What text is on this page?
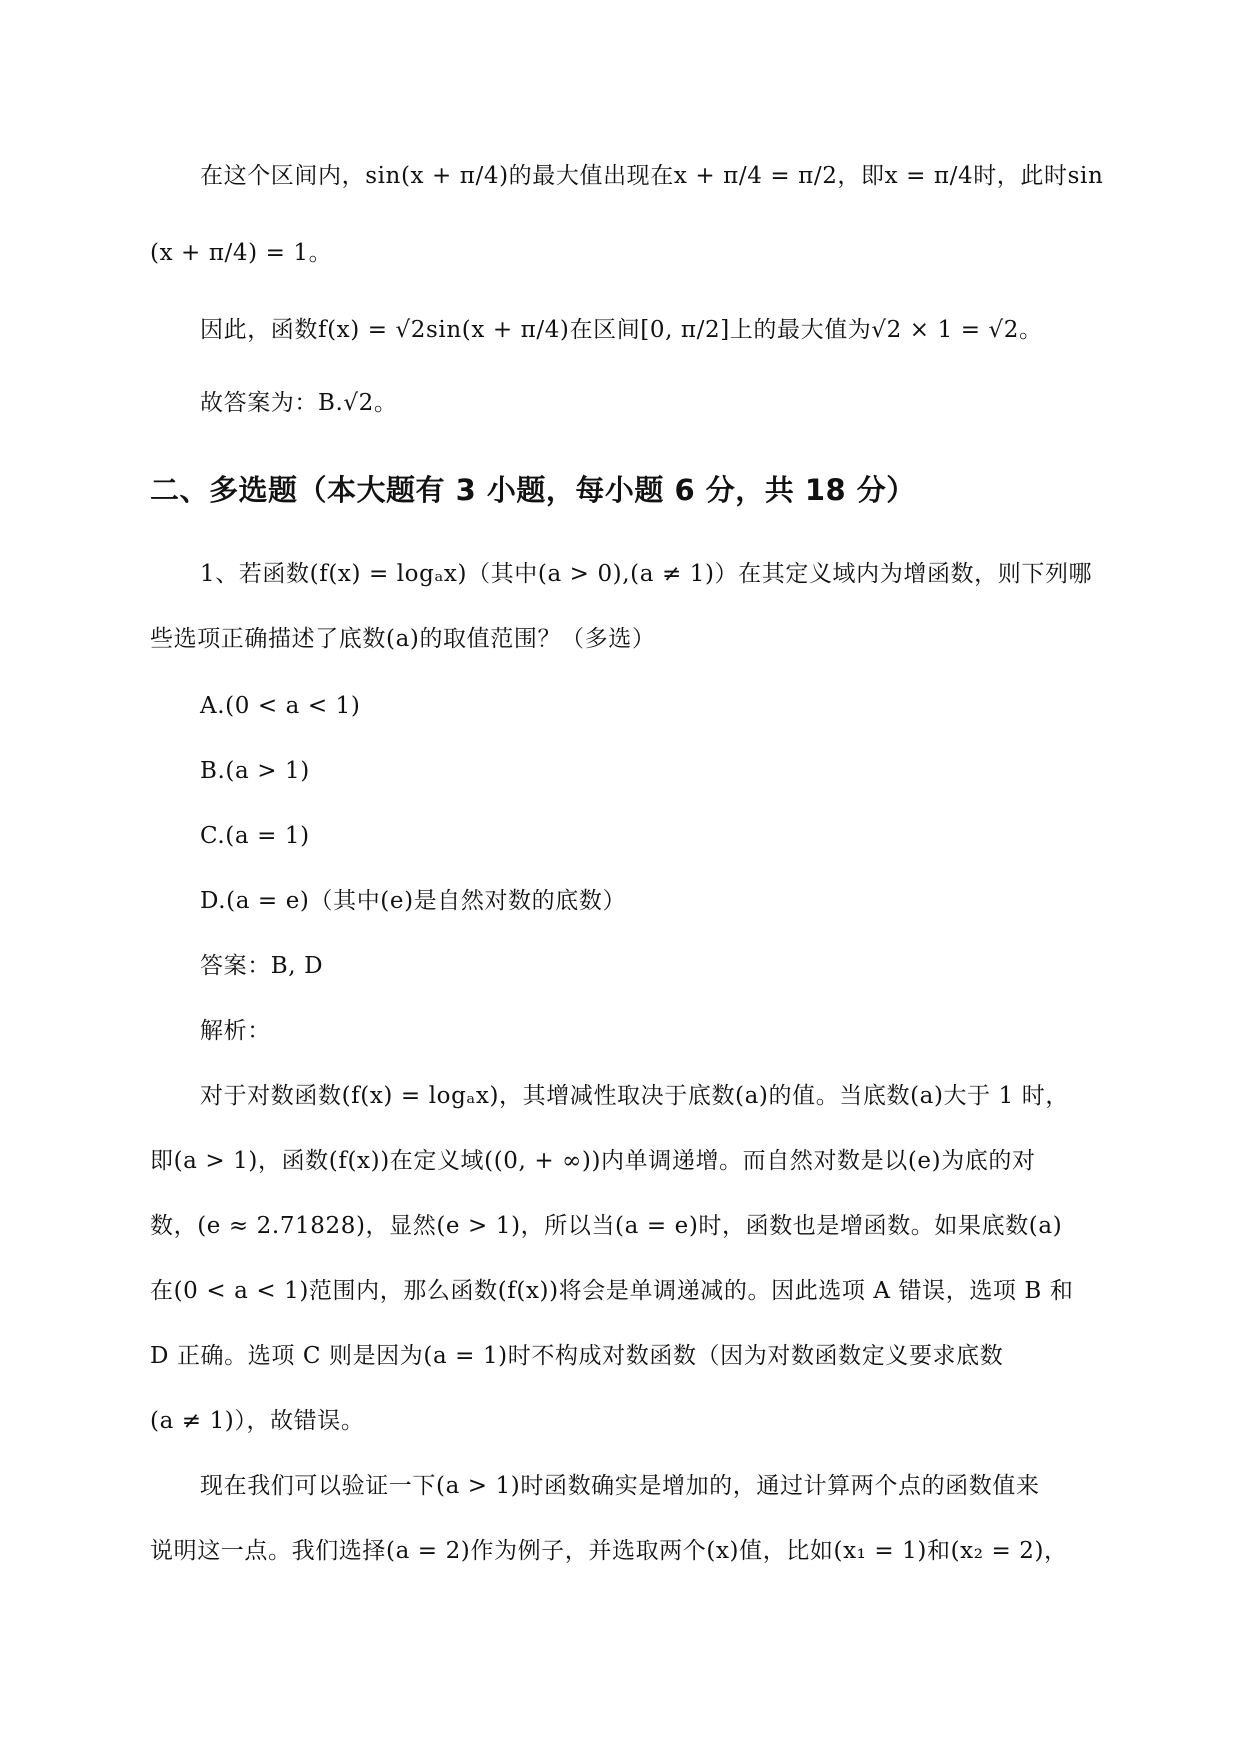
在这个区间内，sin(x + π/4)的最大值出现在x + π/4 = π/2，即x = π/4时，此时sin
(x + π/4) = 1。
因此，函数f(x) = √2sin(x + π/4)在区间[0, π/2]上的最大值为√2 × 1 = √2。
故答案为：B.√2。
二、多选题（本大题有 3 小题，每小题 6 分，共 18 分）
1、若函数(f(x) = logₐx)（其中(a > 0),(a ≠ 1)）在其定义域内为增函数，则下列哪
些选项正确描述了底数(a)的取值范围？（多选）
A.(0 < a < 1)
B.(a > 1)
C.(a = 1)
D.(a = e)（其中(e)是自然对数的底数）
答案：B, D
解析：
对于对数函数(f(x) = logₐx)，其增减性取决于底数(a)的值。当底数(a)大于 1 时，
即(a > 1)，函数(f(x))在定义域((0, + ∞))内单调递增。而自然对数是以(e)为底的对
数，(e ≈ 2.71828)，显然(e > 1)，所以当(a = e)时，函数也是增函数。如果底数(a)
在(0 < a < 1)范围内，那么函数(f(x))将会是单调递减的。因此选项 A 错误，选项 B 和
D 正确。选项 C 则是因为(a = 1)时不构成对数函数（因为对数函数定义要求底数
(a ≠ 1)），故错误。
现在我们可以验证一下(a > 1)时函数确实是增加的，通过计算两个点的函数值来
说明这一点。我们选择(a = 2)作为例子，并选取两个(x)值，比如(x₁ = 1)和(x₂ = 2)，
